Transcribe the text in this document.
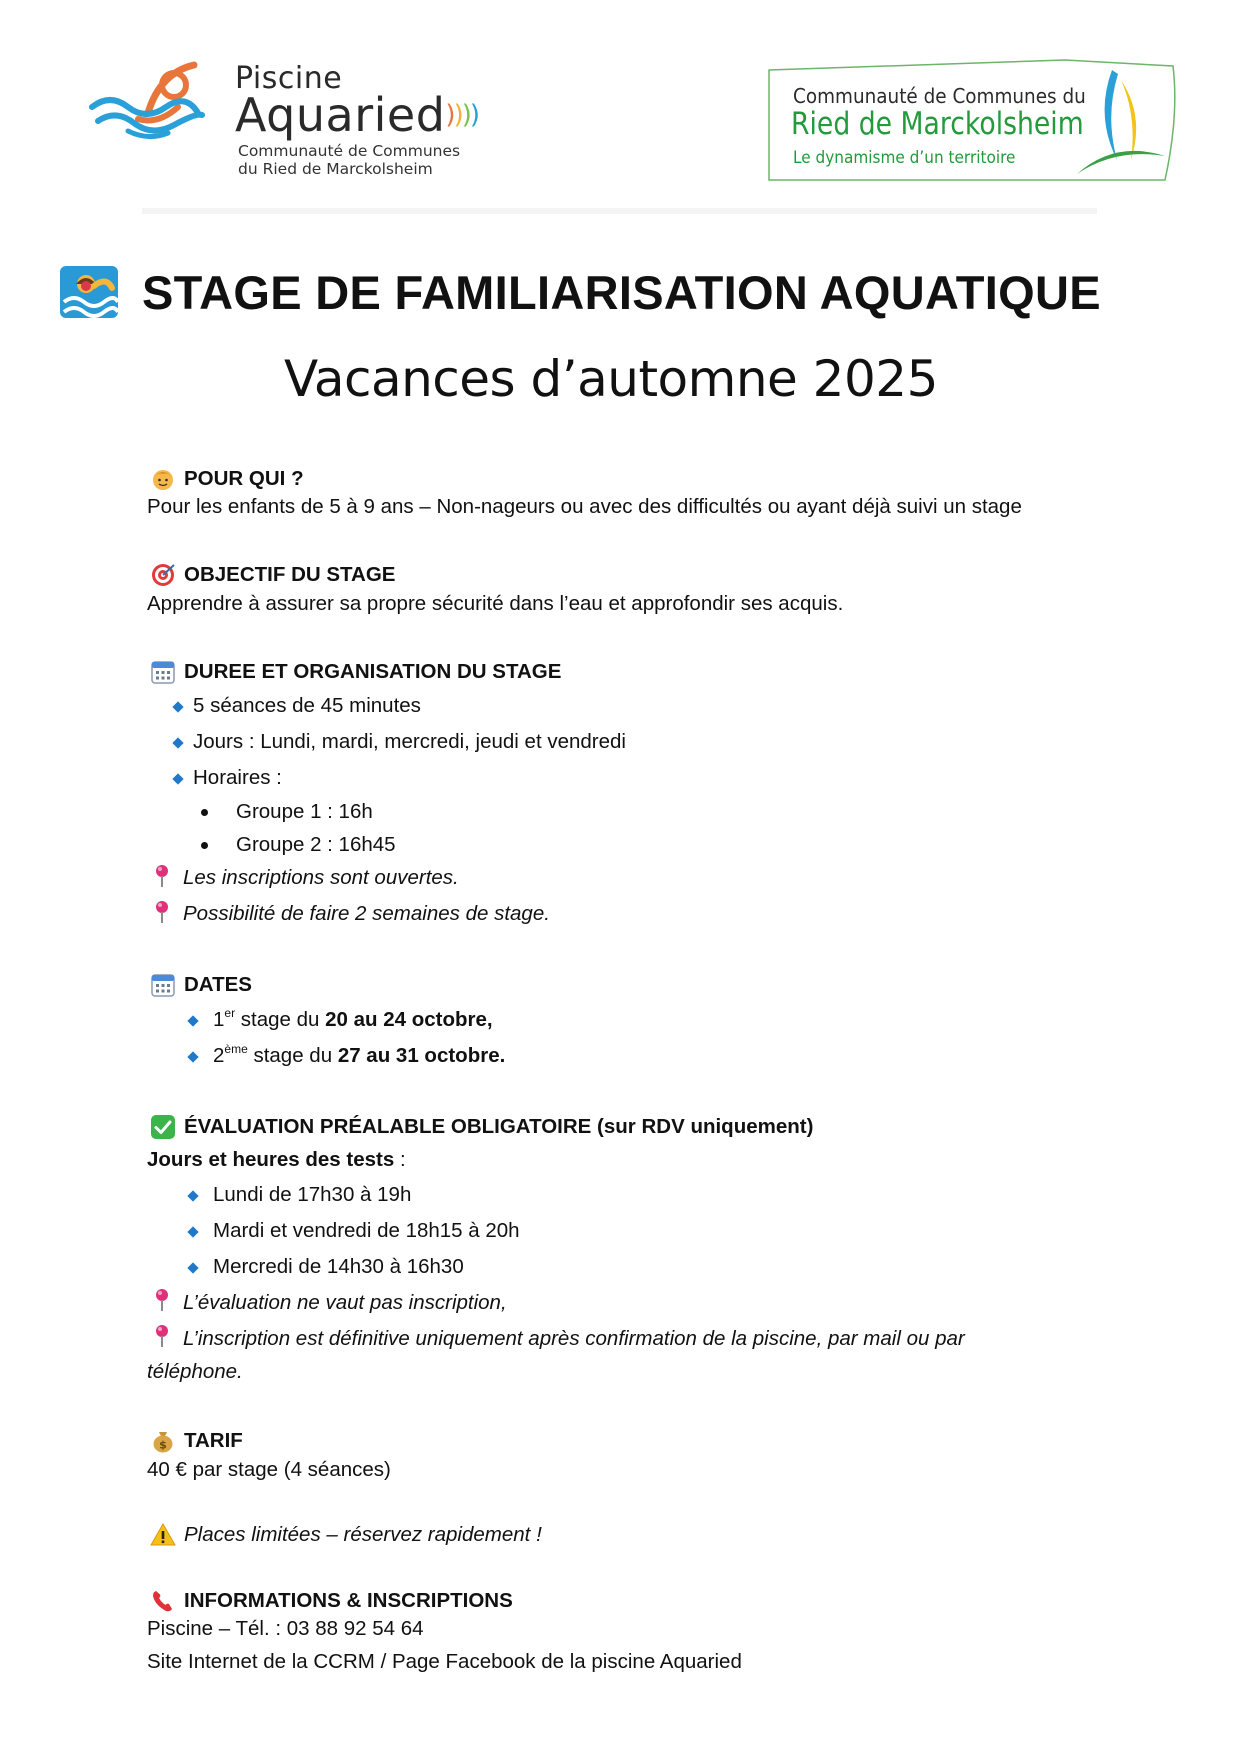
Piscine
Aquaried))))
Communauté de Communes
du Ried de Marckolsheim
Communauté de Communes du
Ried de Marckolsheim
Le dynamisme d’un territoire
STAGE DE FAMILIARISATION AQUATIQUE
Vacances d’automne 2025
POUR QUI ?
Pour les enfants de 5 à 9 ans – Non-nageurs ou avec des difficultés ou ayant déjà suivi un stage
OBJECTIF DU STAGE
Apprendre à assurer sa propre sécurité dans l’eau et approfondir ses acquis.
DUREE ET ORGANISATION DU STAGE
5 séances de 45 minutes
Jours : Lundi, mardi, mercredi, jeudi et vendredi
Horaires :
Groupe 1 : 16h
Groupe 2 : 16h45
Les inscriptions sont ouvertes.
Possibilité de faire 2 semaines de stage.
DATES
1er stage du 20 au 24 octobre,
2ème stage du 27 au 31 octobre.
ÉVALUATION PRÉALABLE OBLIGATOIRE (sur RDV uniquement)
Jours et heures des tests :
Lundi de 17h30 à 19h
Mardi et vendredi de 18h15 à 20h
Mercredi de 14h30 à 16h30
L’évaluation ne vaut pas inscription,
L’inscription est définitive uniquement après confirmation de la piscine, par mail ou par
téléphone.
$ TARIF
40 € par stage (4 séances)
Places limitées – réservez rapidement !
INFORMATIONS & INSCRIPTIONS
Piscine – Tél. : 03 88 92 54 64
Site Internet de la CCRM / Page Facebook de la piscine Aquaried
